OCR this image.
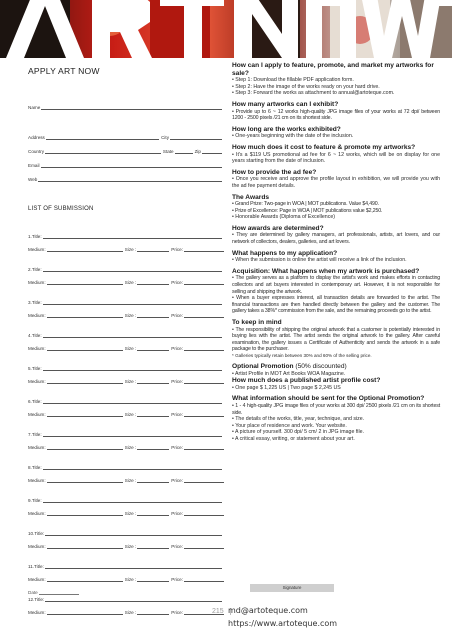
APPLY ART NOW
Name
Address	City
Country	State	Zip
Email
Web
LIST OF SUBMISSION
1.Title:
Medium:	Size :	Price:
2.Title:
Medium:	Size :	Price:
3.Title:
Medium:	Size :	Price:
4.Title:
Medium:	Size :	Price:
5.Title:
Medium:	Size :	Price:
6.Title:
Medium:	Size :	Price:
7.Title:
Medium:	Size :	Price:
8.Title:
Medium:	Size :	Price:
9.Title:
Medium:	Size :	Price:
10.Title:
Medium:	Size :	Price:
11.Title:
Medium:	Size :	Price:
12.Title:
Medium:	Size :	Price:
How can I apply to feature, promote, and market my artworks for sale?
• Step 1: Download the fillable PDF application form.
• Step 2: Have the image of the works ready on your hard drive.
• Step 3: Forward the works as attachment to annual@artoteque.com.
How many artworks can I exhibit?
• Provide up to 6 ~ 12 works high-quality JPG image files of your works at 72 dpi/ between 1200 - 2500 pixels /21 cm on its shortest side.
How long are the works exhibited?
• One-years beginning with the date of the inclusion.
How much does it cost to feature & promote my artworks?
• It's a $119 US promotional ad fee for 6 ~ 12 works, which will be on display for one years starting from the date of inclusion.
How to provide the ad fee?
• Once you receive and approve the profile layout in exhibition, we will provide you with the ad fee payment details.
The Awards
• Grand Prize: Two-page in WOA | MOT publications. Value $4,490.
• Prize of Excellence: Page in WOA | MOT publications value $2,250.
• Honorable Awards (Diploma of Excellence)
How awards are determined?
• They are determined by gallery managers, art professionals, artists, art lovers, and our network of collectors, dealers, galleries, and art lovers.
What happens to my application?
• When the submission is online the artist will receive a link of the inclusion.
Acquisition: What happens when my artwork is purchased?
• The gallery serves as a platform to display the artist's work and makes efforts in contacting collectors and art buyers interested in contemporary art. However, it is not responsible for selling and shipping the artwork.
• When a buyer expresses interest, all transaction details are forwarded to the artist. The financial transactions are then handled directly between the gallery and the customer. The gallery takes a 38%* commission from the sale, and the remaining proceeds go to the artist.
To keep in mind
• The responsibility of shipping the original artwork that a customer is potentially interested in buying lies with the artist. The artist sends the original artwork to the gallery. After careful examination, the gallery issues a Certificate of Authenticity and sends the artwork in a safe package to the purchaser.
* Galleries typically retain between 30% and 60% of the selling price.
Optional Promotion (50% discounted)
• Artist Profile in MOT Art Books WOA Magazine.
How much does a published artist profile cost?
• One page $ 1,225 US | Two page $ 2,245 US
What information should be sent for the Optional Promotion?
• 1 - 4 high-quality JPG image files of your works at 300 dpi/ 2500 pixels /21 cm on its shortest side.
• The details of the works, title, year, technique, and size.
• Your place of residence and work. Your website.
• A picture of yourself. 300 dpi/ 5 cm/ 2 in JPG image file.
• A critical essay, writing, or statement about your art.
Date
Signature
215 md@artoteque.com
https://www.artoteque.com
